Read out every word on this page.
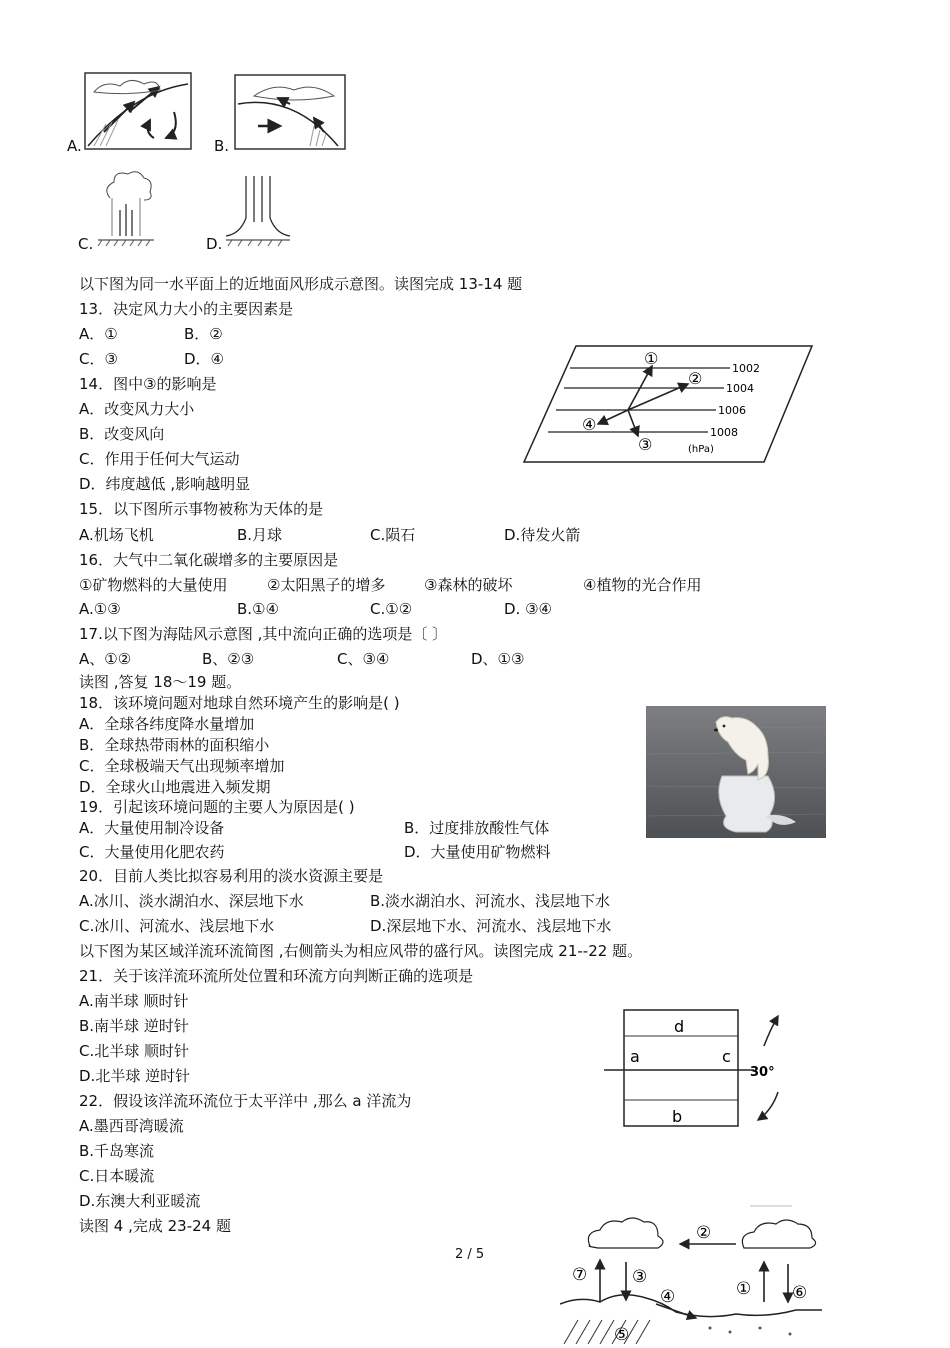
A.	B.
C.	D.
以下图为同一水平面上的近地面风形成示意图。读图完成 13-14 题
13．决定风力大小的主要因素是
A．①	B．②
C．③	D．④
14．图中③的影响是
A．改变风力大小
B．改变风向
C．作用于任何大气运动
D．纬度越低 ,影响越明显
1002
1004
1006
1008
(hPa)
①
②
③
④
15．以下图所示事物被称为天体的是
A.机场飞机	B.月球	C.陨石	D.待发火箭
16．大气中二氧化碳增多的主要原因是
①矿物燃料的大量使用	②太阳黑子的增多	③森林的破坏	④植物的光合作用
A.①③	B.①④	C.①②	D. ③④
17.以下图为海陆风示意图 ,其中流向正确的选项是〔 〕
A、①②	B、②③	C、③④	D、①③
读图 ,答复 18～19 题。
18．该环境问题对地球自然环境产生的影响是( )
A．全球各纬度降水量增加
B．全球热带雨林的面积缩小
C．全球极端天气出现频率增加
D．全球火山地震进入频发期
19．引起该环境问题的主要人为原因是( )
A．大量使用制冷设备	B．过度排放酸性气体
C．大量使用化肥农药	D．大量使用矿物燃料
20．目前人类比拟容易利用的淡水资源主要是
A.冰川、淡水湖泊水、深层地下水	B.淡水湖泊水、河流水、浅层地下水
C.冰川、河流水、浅层地下水	D.深层地下水、河流水、浅层地下水
以下图为某区域洋流环流简图 ,右侧箭头为相应风带的盛行风。读图完成 21--22 题。
21．关于该洋流环流所处位置和环流方向判断正确的选项是
A.南半球 顺时针
B.南半球 逆时针
C.北半球 顺时针
D.北半球 逆时针
22．假设该洋流环流位于太平洋中 ,那么 a 洋流为
A.墨西哥湾暖流
B.千岛寒流
C.日本暖流
D.东澳大利亚暖流
读图 4 ,完成 23-24 题
d
a	c
b
30°
②
⑦	③
① ⑥
④
⑤
2 / 5
